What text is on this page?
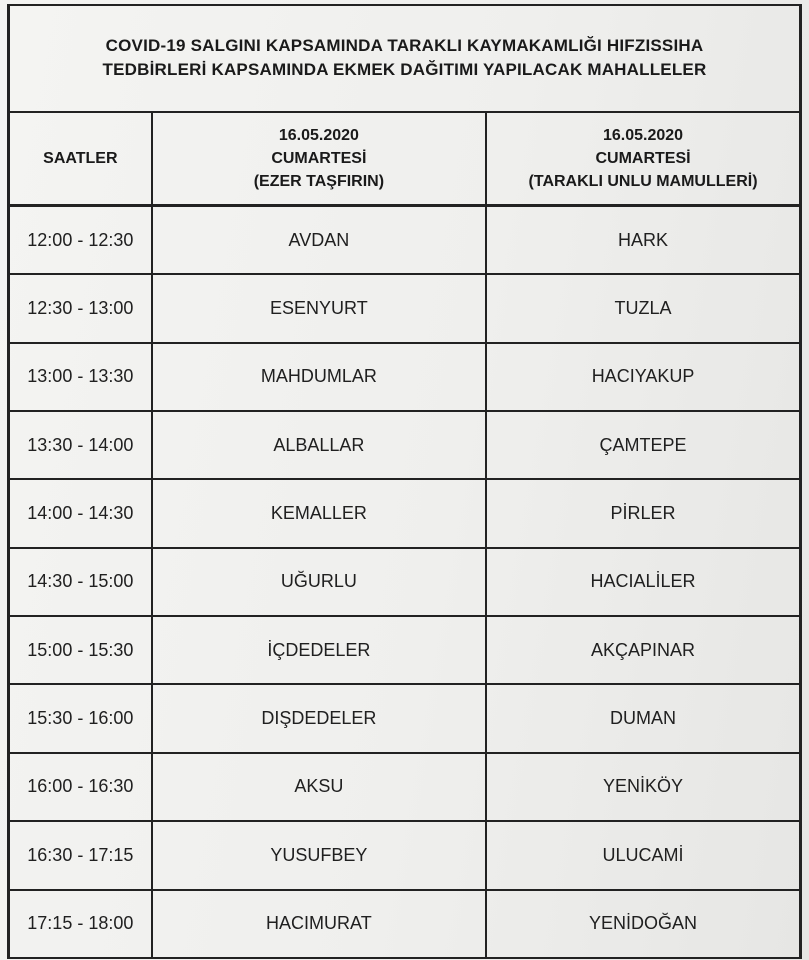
COVID-19 SALGINI KAPSAMINDA TARAKLI KAYMAKAMLIĞI HIFZISSIHA
TEDBİRLERİ KAPSAMINDA EKMEK DAĞITIMI YAPILACAK MAHALLELER		

SAATLER	16.05.2020
CUMARTESİ
(EZER TAŞFIRIN)	16.05.2020
CUMARTESİ
(TARAKLI UNLU MAMULLERİ)

12:00 - 12:30	AVDAN	HARK
12:30 - 13:00	ESENYURT	TUZLA
13:00 - 13:30	MAHDUMLAR	HACIYAKUP
13:30 - 14:00	ALBALLAR	ÇAMTEPE
14:00 - 14:30	KEMALLER	PİRLER
14:30 - 15:00	UĞURLU	HACIALİLER
15:00 - 15:30	İÇDEDELER	AKÇAPINAR
15:30 - 16:00	DIŞDEDELER	DUMAN
16:00 - 16:30	AKSU	YENİKÖY
16:30 - 17:15	YUSUFBEY	ULUCAMİ
17:15 - 18:00	HACIMURAT	YENİDOĞAN
